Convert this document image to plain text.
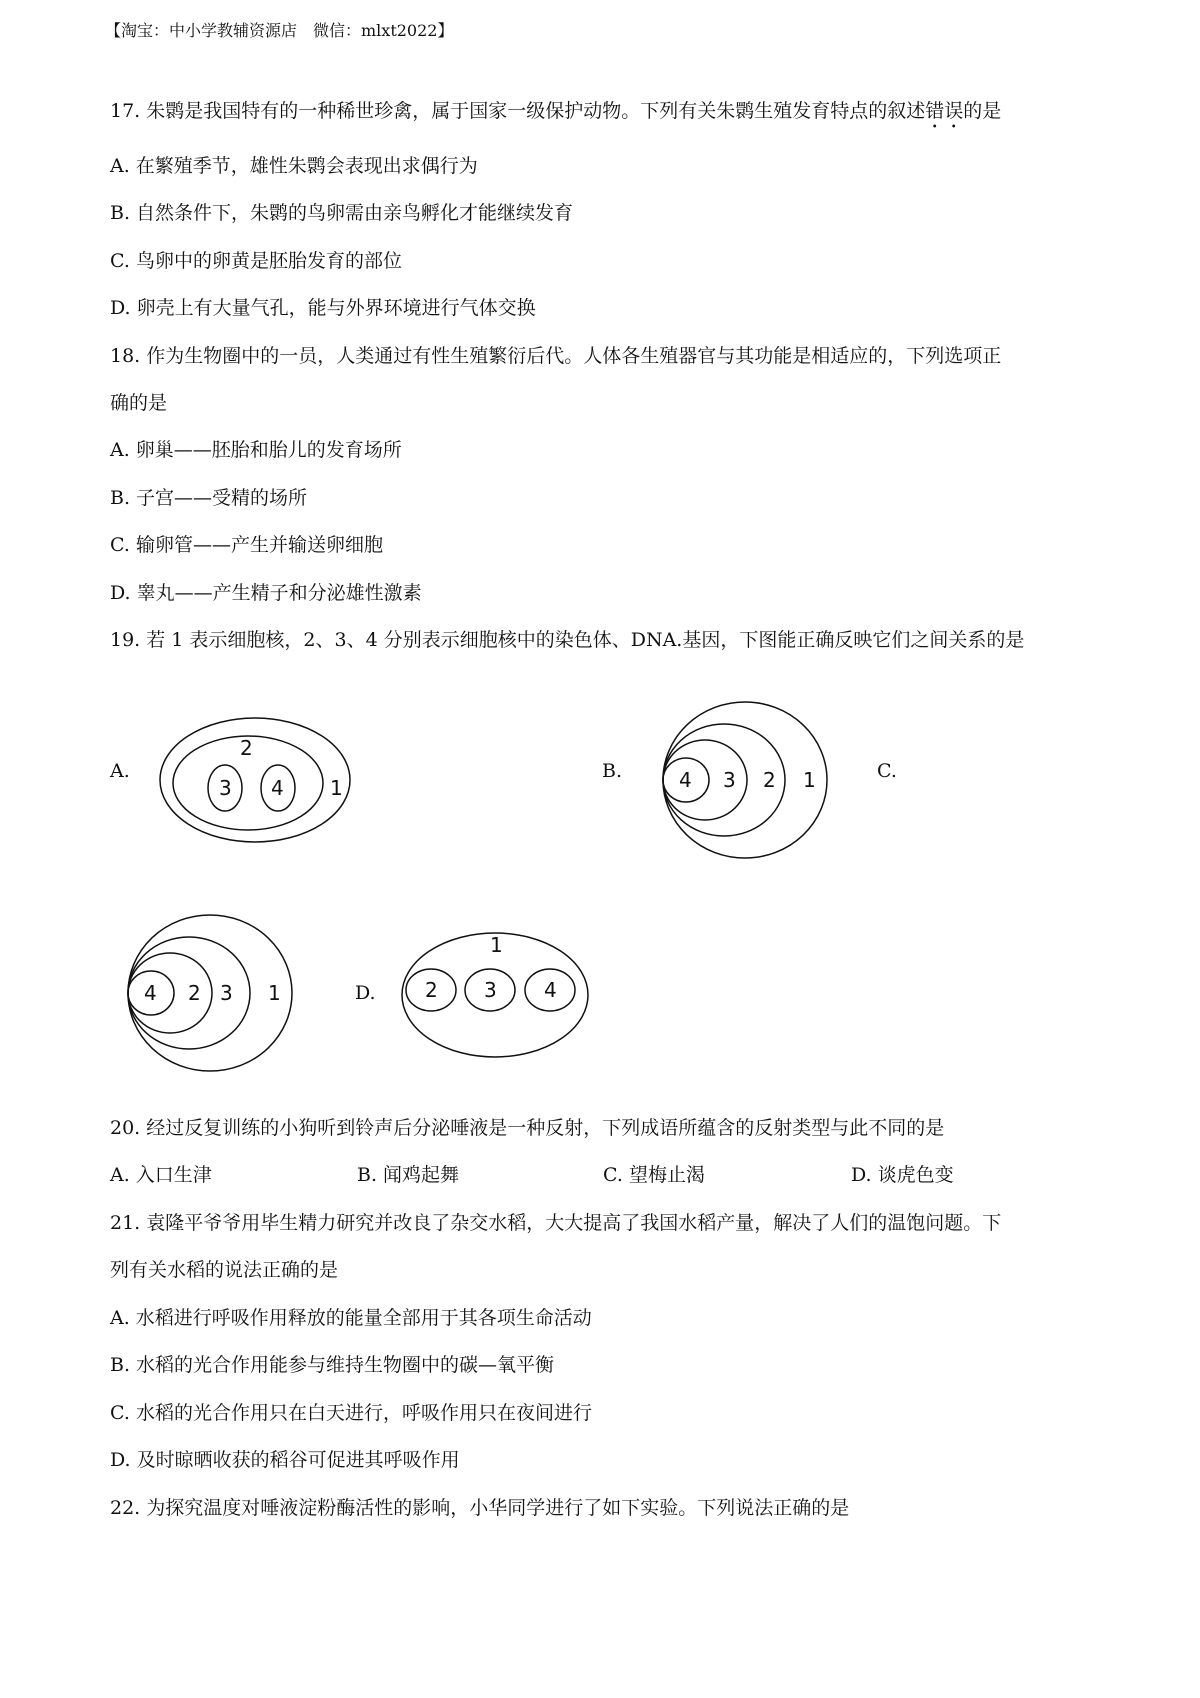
【淘宝：中小学教辅资源店　微信：mlxt2022】
17. 朱鹮是我国特有的一种稀世珍禽，属于国家一级保护动物。下列有关朱鹮生殖发育特点的叙述错误的是
A. 在繁殖季节，雄性朱鹮会表现出求偶行为
B. 自然条件下，朱鹮的鸟卵需由亲鸟孵化才能继续发育
C. 鸟卵中的卵黄是胚胎发育的部位
D. 卵壳上有大量气孔，能与外界环境进行气体交换
18. 作为生物圈中的一员，人类通过有性生殖繁衍后代。人体各生殖器官与其功能是相适应的，下列选项正
确的是
A. 卵巢——胚胎和胎儿的发育场所
B. 子宫——受精的场所
C. 输卵管——产生并输送卵细胞
D. 睾丸——产生精子和分泌雄性激素
19. 若 1 表示细胞核，2、3、4 分别表示细胞核中的染色体、DNA.基因，下图能正确反映它们之间关系的是
A.
2
3 4 1
B.	4 3 2 1	C.
4 2 3 1	D.
1
2 3 4
20. 经过反复训练的小狗听到铃声后分泌唾液是一种反射，下列成语所蕴含的反射类型与此不同的是
A. 入口生津	B. 闻鸡起舞	C. 望梅止渴	D. 谈虎色变
21. 袁隆平爷爷用毕生精力研究并改良了杂交水稻，大大提高了我国水稻产量，解决了人们的温饱问题。下
列有关水稻的说法正确的是
A. 水稻进行呼吸作用释放的能量全部用于其各项生命活动
B. 水稻的光合作用能参与维持生物圈中的碳—氧平衡
C. 水稻的光合作用只在白天进行，呼吸作用只在夜间进行
D. 及时晾晒收获的稻谷可促进其呼吸作用
22. 为探究温度对唾液淀粉酶活性的影响，小华同学进行了如下实验。下列说法正确的是
